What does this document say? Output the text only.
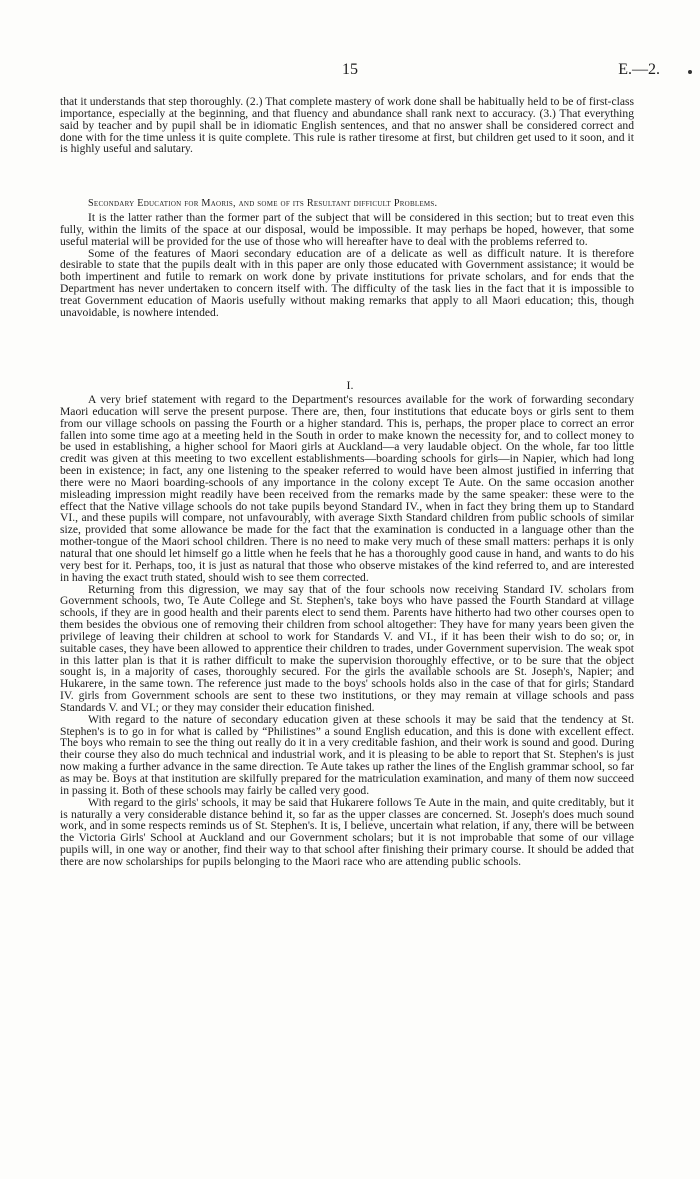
15	E.—2.

that it understands that step thoroughly. (2.) That complete mastery of work done shall be habitually held to be of first-class importance, especially at the beginning, and that fluency and abundance shall rank next to accuracy. (3.) That everything said by teacher and by pupil shall be in idiomatic English sentences, and that no answer shall be considered correct and done with for the time unless it is quite complete. This rule is rather tiresome at first, but children get used to it soon, and it is highly useful and salutary.

Secondary Education for Maoris, and some of its Resultant difficult Problems.

It is the latter rather than the former part of the subject that will be considered in this section; but to treat even this fully, within the limits of the space at our disposal, would be impossible. It may perhaps be hoped, however, that some useful material will be provided for the use of those who will hereafter have to deal with the problems referred to.

Some of the features of Maori secondary education are of a delicate as well as difficult nature. It is therefore desirable to state that the pupils dealt with in this paper are only those educated with Government assistance; it would be both impertinent and futile to remark on work done by private institutions for private scholars, and for ends that the Department has never undertaken to concern itself with. The difficulty of the task lies in the fact that it is impossible to treat Government education of Maoris usefully without making remarks that apply to all Maori education; this, though unavoidable, is nowhere intended.

I.

A very brief statement with regard to the Department's resources available for the work of forwarding secondary Maori education will serve the present purpose. There are, then, four institutions that educate boys or girls sent to them from our village schools on passing the Fourth or a higher standard. This is, perhaps, the proper place to correct an error fallen into some time ago at a meeting held in the South in order to make known the necessity for, and to collect money to be used in establishing, a higher school for Maori girls at Auckland—a very laudable object. On the whole, far too little credit was given at this meeting to two excellent establishments—boarding schools for girls—in Napier, which had long been in existence; in fact, any one listening to the speaker referred to would have been almost justified in inferring that there were no Maori boarding-schools of any importance in the colony except Te Aute. On the same occasion another misleading impression might readily have been received from the remarks made by the same speaker: these were to the effect that the Native village schools do not take pupils beyond Standard IV., when in fact they bring them up to Standard VI., and these pupils will compare, not unfavourably, with average Sixth Standard children from public schools of similar size, provided that some allowance be made for the fact that the examination is conducted in a language other than the mother-tongue of the Maori school children. There is no need to make very much of these small matters: perhaps it is only natural that one should let himself go a little when he feels that he has a thoroughly good cause in hand, and wants to do his very best for it. Perhaps, too, it is just as natural that those who observe mistakes of the kind referred to, and are interested in having the exact truth stated, should wish to see them corrected.

Returning from this digression, we may say that of the four schools now receiving Standard IV. scholars from Government schools, two, Te Aute College and St. Stephen's, take boys who have passed the Fourth Standard at village schools, if they are in good health and their parents elect to send them. Parents have hitherto had two other courses open to them besides the obvious one of removing their children from school altogether: They have for many years been given the privilege of leaving their children at school to work for Standards V. and VI., if it has been their wish to do so; or, in suitable cases, they have been allowed to apprentice their children to trades, under Government supervision. The weak spot in this latter plan is that it is rather difficult to make the supervision thoroughly effective, or to be sure that the object sought is, in a majority of cases, thoroughly secured. For the girls the available schools are St. Joseph's, Napier; and Hukarere, in the same town. The reference just made to the boys' schools holds also in the case of that for girls; Standard IV. girls from Government schools are sent to these two institutions, or they may remain at village schools and pass Standards V. and VI.; or they may consider their education finished.

With regard to the nature of secondary education given at these schools it may be said that the tendency at St. Stephen's is to go in for what is called by “Philistines” a sound English education, and this is done with excellent effect. The boys who remain to see the thing out really do it in a very creditable fashion, and their work is sound and good. During their course they also do much technical and industrial work, and it is pleasing to be able to report that St. Stephen's is just now making a further advance in the same direction. Te Aute takes up rather the lines of the English grammar school, so far as may be. Boys at that institution are skilfully prepared for the matriculation examination, and many of them now succeed in passing it. Both of these schools may fairly be called very good.

With regard to the girls' schools, it may be said that Hukarere follows Te Aute in the main, and quite creditably, but it is naturally a very considerable distance behind it, so far as the upper classes are concerned. St. Joseph's does much sound work, and in some respects reminds us of St. Stephen's. It is, I believe, uncertain what relation, if any, there will be between the Victoria Girls' School at Auckland and our Government scholars; but it is not improbable that some of our village pupils will, in one way or another, find their way to that school after finishing their primary course. It should be added that there are now scholarships for pupils belonging to the Maori race who are attending public schools.
